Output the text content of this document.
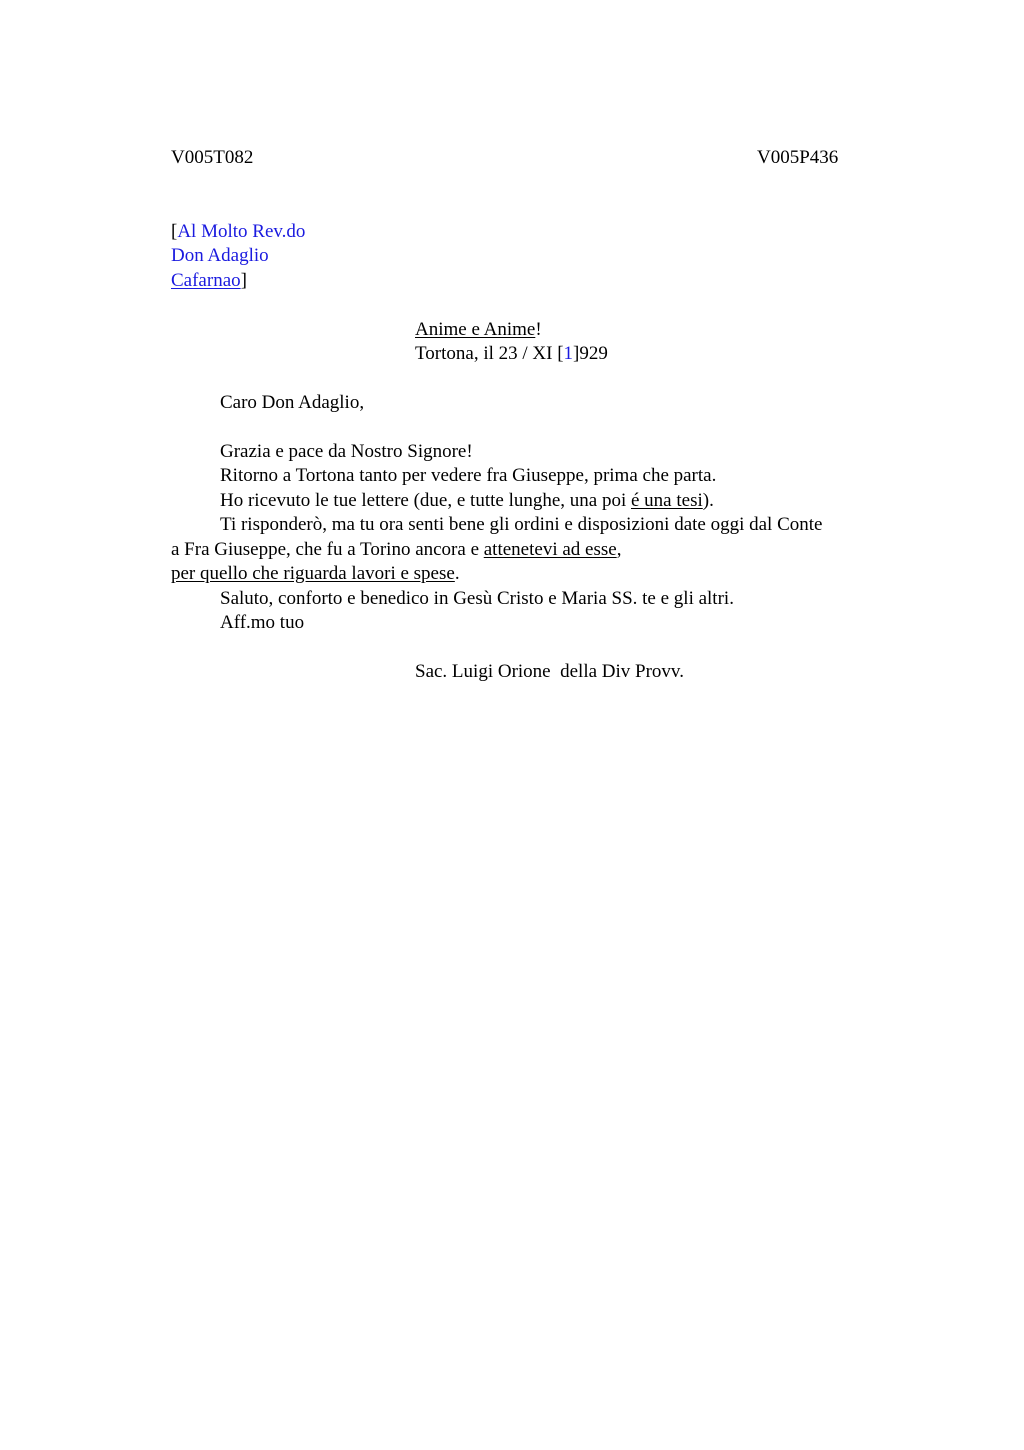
V005T082	V005P436
[Al Molto Rev.do
Don Adaglio
Cafarnao]
Anime e Anime!
Tortona, il 23 / XI [1]929
Caro Don Adaglio,
Grazia e pace da Nostro Signore!
Ritorno a Tortona tanto per vedere fra Giuseppe, prima che parta.
Ho ricevuto le tue lettere (due, e tutte lunghe, una poi é una tesi).
Ti risponderò, ma tu ora senti bene gli ordini e disposizioni date oggi dal Conte
a Fra Giuseppe, che fu a Torino ancora e attenetevi ad esse,
per quello che riguarda lavori e spese.
Saluto, conforto e benedico in Gesù Cristo e Maria SS. te e gli altri.
Aff.mo tuo
Sac. Luigi Orione  della Div Provv.
